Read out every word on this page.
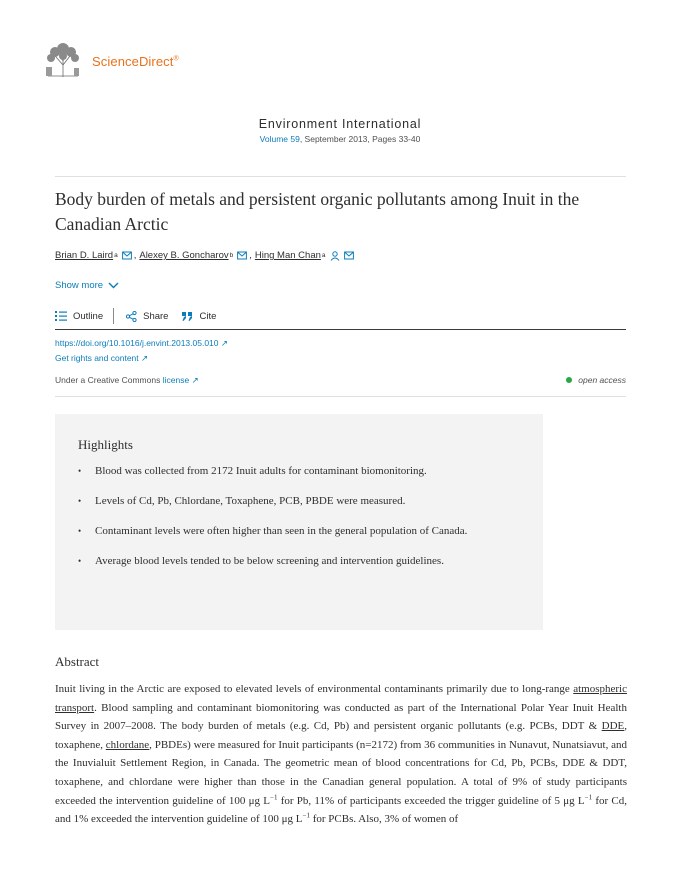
ScienceDirect®
Environment International
Volume 59, September 2013, Pages 33-40
Body burden of metals and persistent organic pollutants among Inuit in the Canadian Arctic
Brian D. Laird a , Alexey B. Goncharov b , Hing Man Chan a
Show more
Outline	Share	Cite
https://doi.org/10.1016/j.envint.2013.05.010 ↗
Get rights and content ↗
Under a Creative Commons license ↗	open access
Highlights
• Blood was collected from 2172 Inuit adults for contaminant biomonitoring.
• Levels of Cd, Pb, Chlordane, Toxaphene, PCB, PBDE were measured.
• Contaminant levels were often higher than seen in the general population of Canada.
• Average blood levels tended to be below screening and intervention guidelines.
Abstract
Inuit living in the Arctic are exposed to elevated levels of environmental contaminants primarily due to long-range atmospheric transport. Blood sampling and contaminant biomonitoring was conducted as part of the International Polar Year Inuit Health Survey in 2007–2008. The body burden of metals (e.g. Cd, Pb) and persistent organic pollutants (e.g. PCBs, DDT & DDE, toxaphene, chlordane, PBDEs) were measured for Inuit participants (n=2172) from 36 communities in Nunavut, Nunatsiavut, and the Inuvialuit Settlement Region, in Canada. The geometric mean of blood concentrations for Cd, Pb, PCBs, DDE & DDT, toxaphene, and chlordane were higher than those in the Canadian general population. A total of 9% of study participants exceeded the intervention guideline of 100 μg $L^{-1}$ for Pb, 11% of participants exceeded the trigger guideline of 5 μg $L^{-1}$ for Cd, and 1% exceeded the intervention guideline of 100 μg $L^{-1}$ for PCBs. Also, 3% of women of
